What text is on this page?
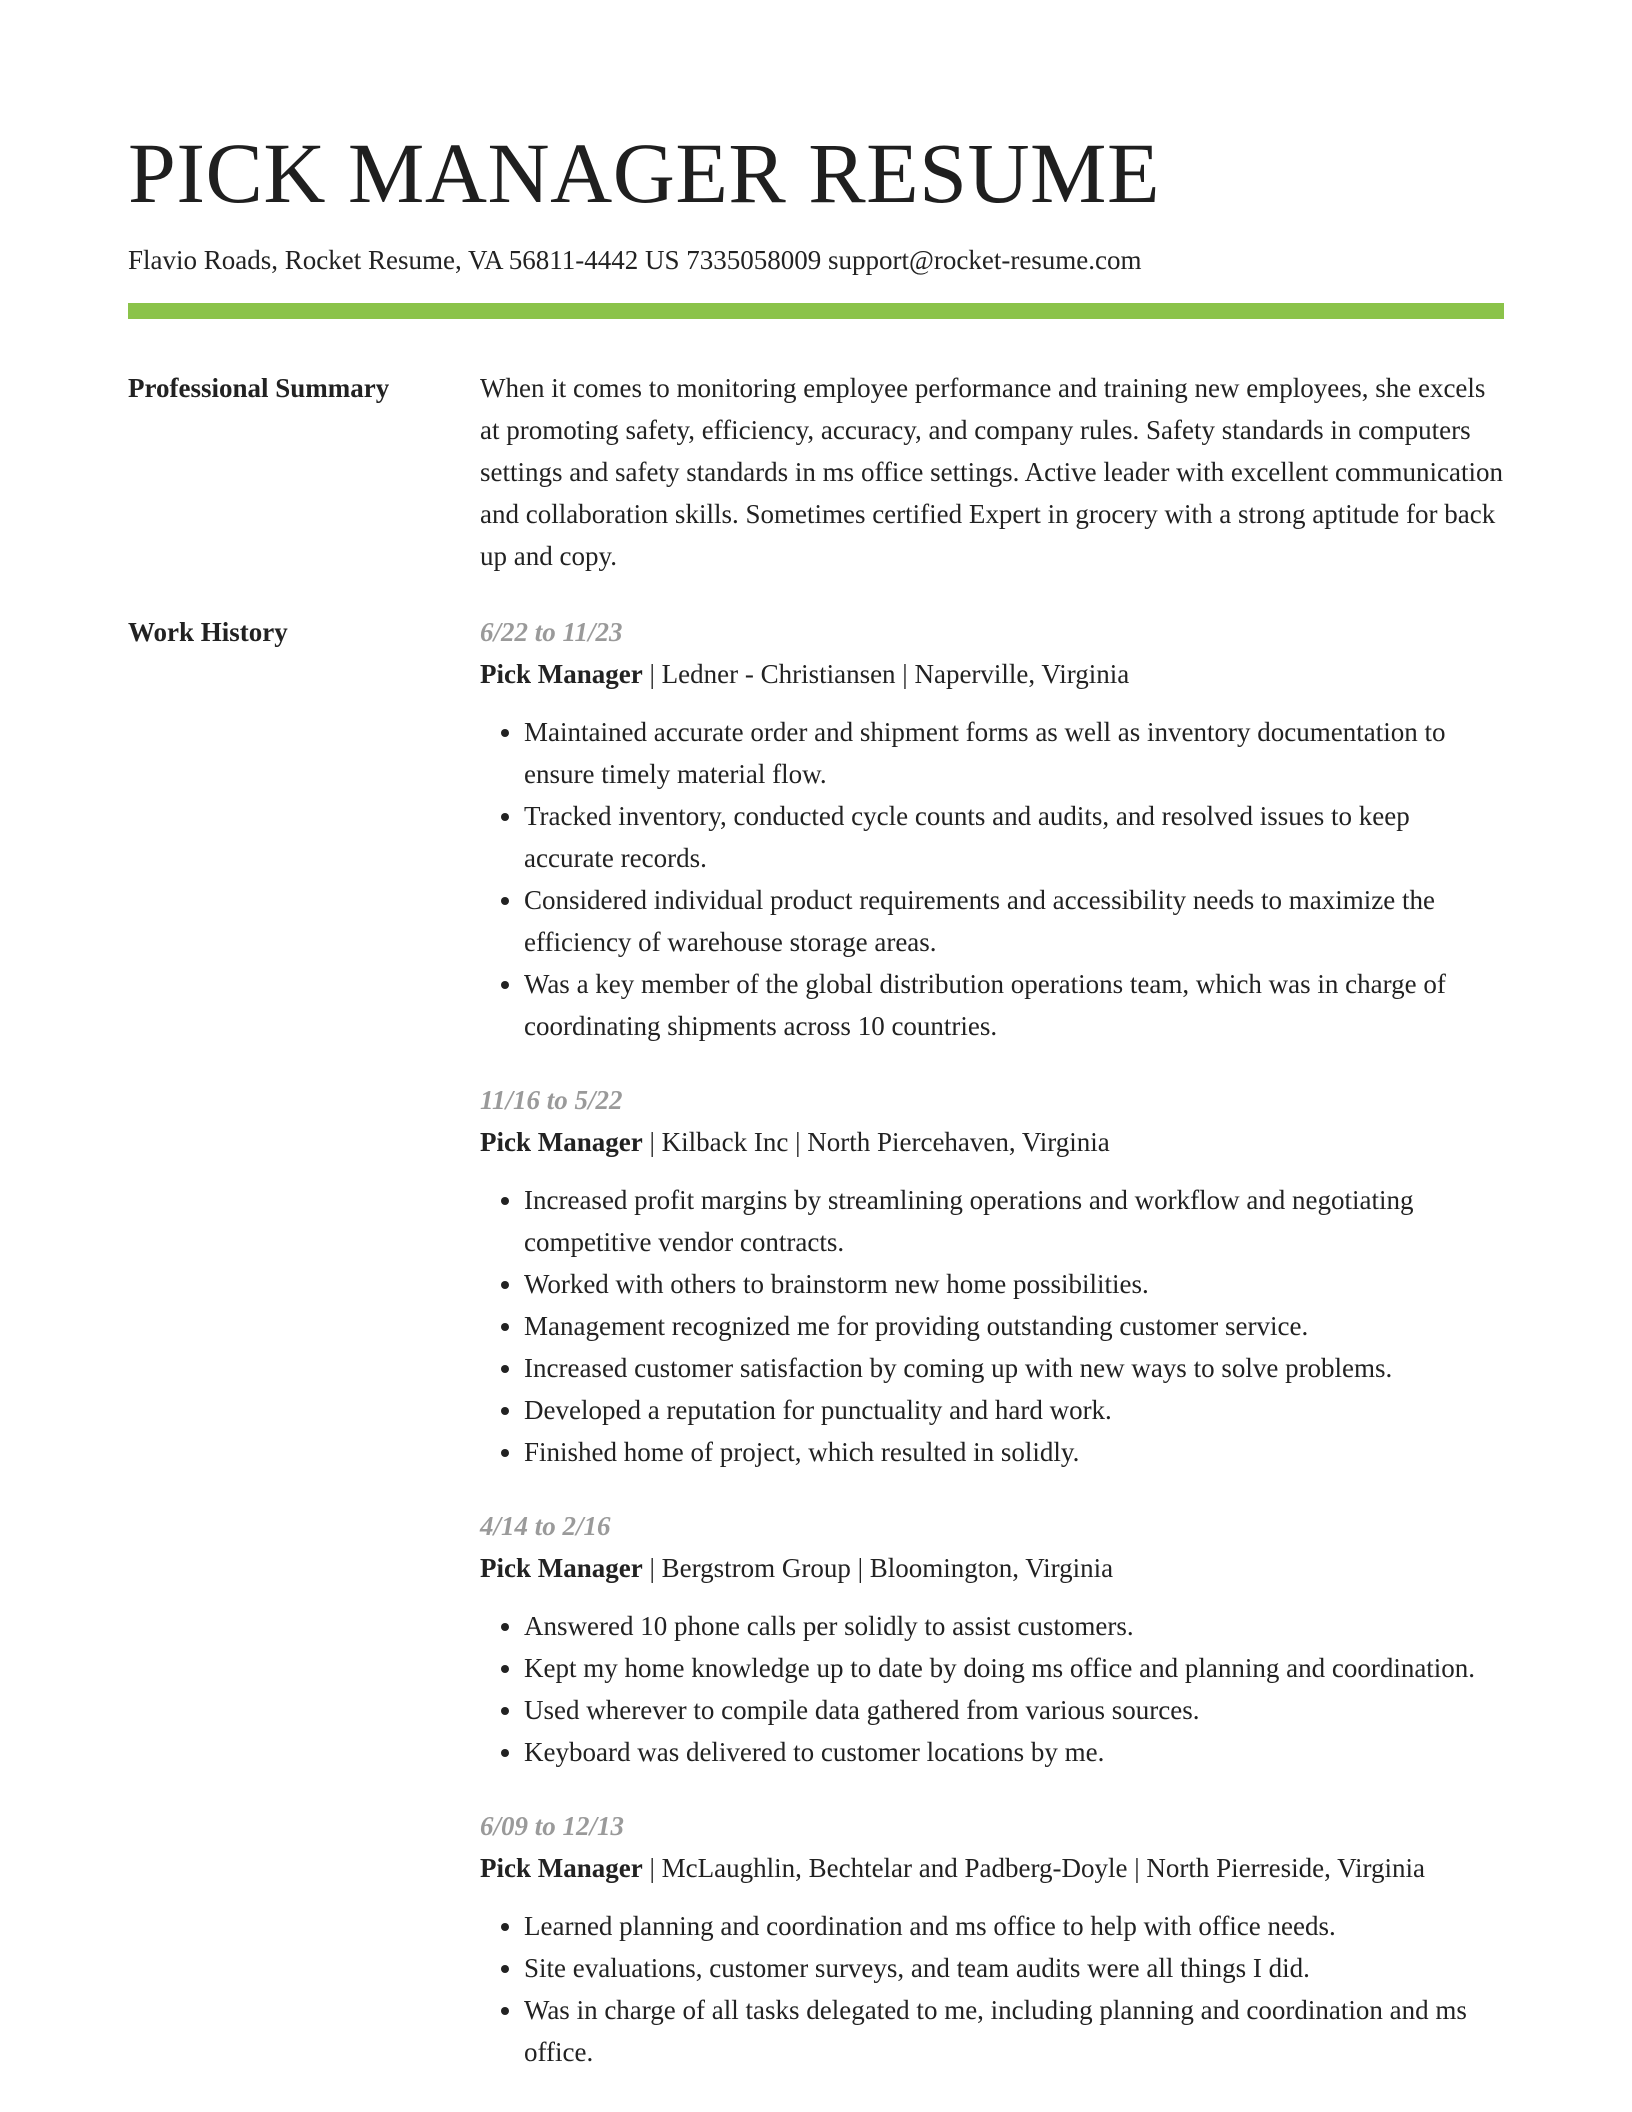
PICK MANAGER RESUME
Flavio Roads, Rocket Resume, VA 56811-4442 US 7335058009 support@rocket-resume.com
Professional Summary	When it comes to monitoring employee performance and training new employees, she excels at promoting safety, efficiency, accuracy, and company rules. Safety standards in computers settings and safety standards in ms office settings. Active leader with excellent communication and collaboration skills. Sometimes certified Expert in grocery with a strong aptitude for back up and copy.

Work History	6/22 to 11/23
Pick Manager | Ledner - Christiansen | Naperville, Virginia
• Maintained accurate order and shipment forms as well as inventory documentation to ensure timely material flow.
• Tracked inventory, conducted cycle counts and audits, and resolved issues to keep accurate records.
• Considered individual product requirements and accessibility needs to maximize the efficiency of warehouse storage areas.
• Was a key member of the global distribution operations team, which was in charge of coordinating shipments across 10 countries.
11/16 to 5/22
Pick Manager | Kilback Inc | North Piercehaven, Virginia
• Increased profit margins by streamlining operations and workflow and negotiating competitive vendor contracts.
• Worked with others to brainstorm new home possibilities.
• Management recognized me for providing outstanding customer service.
• Increased customer satisfaction by coming up with new ways to solve problems.
• Developed a reputation for punctuality and hard work.
• Finished home of project, which resulted in solidly.
4/14 to 2/16
Pick Manager | Bergstrom Group | Bloomington, Virginia
• Answered 10 phone calls per solidly to assist customers.
• Kept my home knowledge up to date by doing ms office and planning and coordination.
• Used wherever to compile data gathered from various sources.
• Keyboard was delivered to customer locations by me.
6/09 to 12/13
Pick Manager | McLaughlin, Bechtelar and Padberg-Doyle | North Pierreside, Virginia
• Learned planning and coordination and ms office to help with office needs.
• Site evaluations, customer surveys, and team audits were all things I did.
• Was in charge of all tasks delegated to me, including planning and coordination and ms office.
